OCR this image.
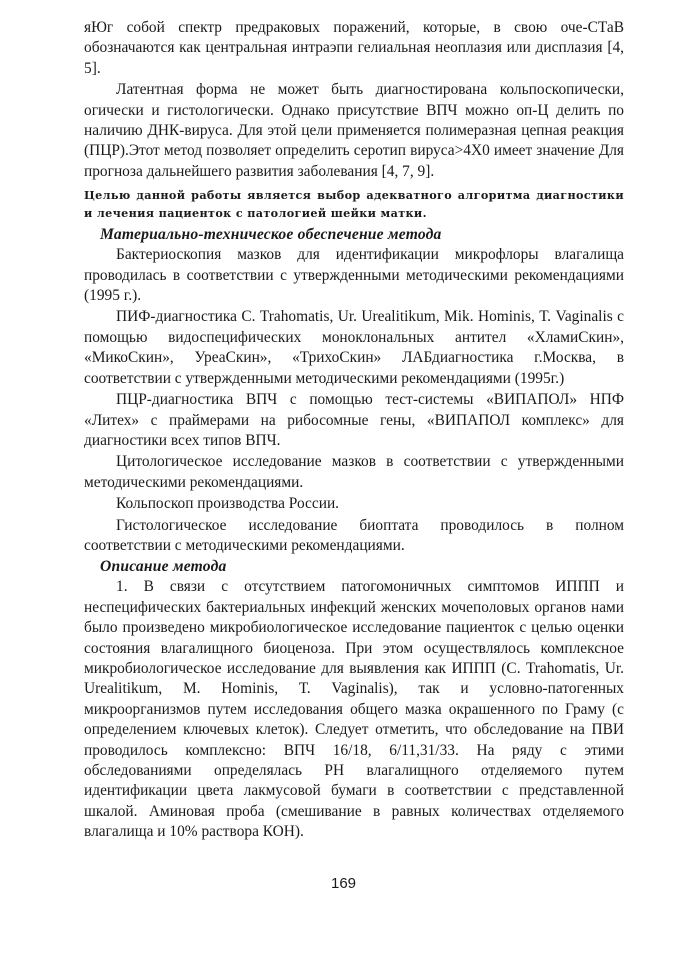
яЮг собой спектр предраковых поражений, которые, в свою оче-СТаВ обозначаются как центральная интраэпи гелиальная неоплазия или дисплазия [4, 5].

Латентная форма не может быть диагностирована кольпоскопически, огически и гистологически. Однако присутствие ВПЧ можно оп-Ц делить по наличию ДНК-вируса. Для этой цели применяется полимеразная цепная реакция (ПЦР).Этот метод позволяет определить серотип вируса>4Х0 имеет значение Для прогноза дальнейшего развития заболевания [4, 7, 9].

Целью данной работы является выбор адекватного алгоритма диагностики и лечения пациенток с патологией шейки матки.

Материально-техническое обеспечение метода

Бактериоскопия мазков для идентификации микрофлоры влагалища проводилась в соответствии с утвержденными методическими рекомендациями (1995 г.).

ПИФ-диагностика С. Trahomatis, Ur. Urealitikum, Mik. Hominis, Т. Vaginalis с помощью видоспецифических моноклональных антител «ХламиСкин», «МикоСкин», УреаСкин», «ТрихоСкин» ЛАБдиагностика г.Москва, в соответствии с утвержденными методическими рекомендациями (1995г.)

ПЦР-диагностика ВПЧ с помощью тест-системы «ВИПАПОЛ» НПФ «Литех» с праймерами на рибосомные гены, «ВИПАПОЛ комплекс» для диагностики всех типов ВПЧ.

Цитологическое исследование мазков в соответствии с утвержденными методическими рекомендациями.

Кольпоскоп производства России.

Гистологическое исследование биоптата проводилось в полном соответствии с методическими рекомендациями.

Описание метода

1. В связи с отсутствием патогомоничных симптомов ИППП и неспецифических бактериальных инфекций женских мочеполовых органов нами было произведено микробиологическое исследование пациенток с целью оценки состояния влагалищного биоценоза. При этом осуществлялось комплексное микробиологическое исследование для выявления как ИППП (С. Trahomatis, Ur. Urealitikum, М. Hominis, Т. Vaginalis), так и условно-патогенных микроорганизмов путем исследования общего мазка окрашенного по Граму (с определением ключевых клеток). Следует отметить, что обследование на ПВИ проводилось комплексно: ВПЧ 16/18, 6/11,31/33. На ряду с этими обследованиями определялась РН влагалищного отделяемого путем идентификации цвета лакмусовой бумаги в соответствии с представленной шкалой. Аминовая проба (смешивание в равных количествах отделяемого влагалища и 10% раствора КОН).

169
